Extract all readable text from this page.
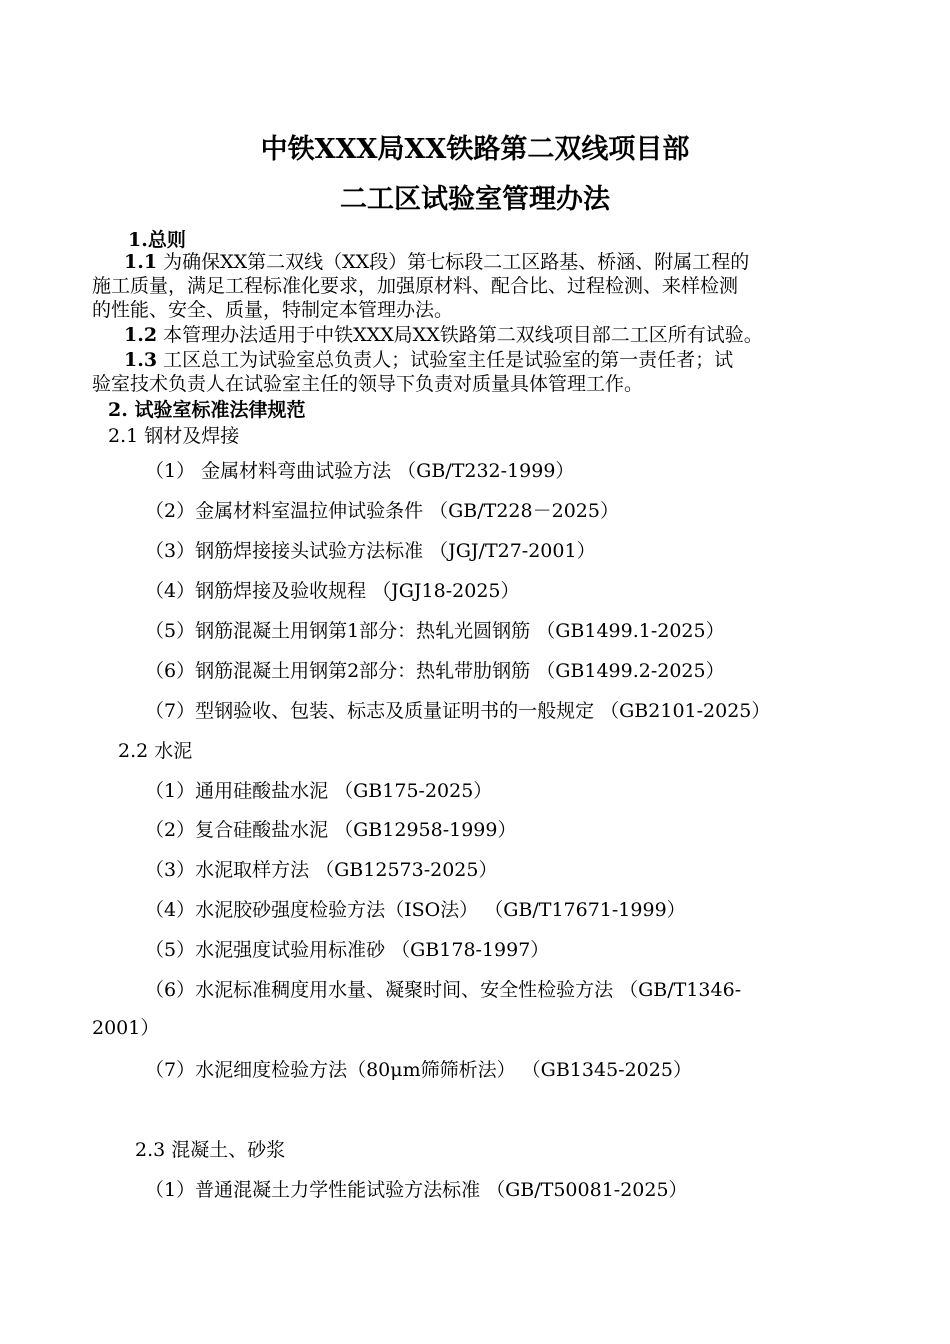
中铁XXX局XX铁路第二双线项目部
二工区试验室管理办法
1.总则
1.1 为确保XX第二双线（XX段）第七标段二工区路基、桥涵、附属工程的
施工质量，满足工程标准化要求，加强原材料、配合比、过程检测、来样检测
的性能、安全、质量，特制定本管理办法。
1.2 本管理办法适用于中铁XXX局XX铁路第二双线项目部二工区所有试验。
1.3 工区总工为试验室总负责人；试验室主任是试验室的第一责任者；试
验室技术负责人在试验室主任的领导下负责对质量具体管理工作。
2. 试验室标准法律规范
2.1 钢材及焊接
（1） 金属材料弯曲试验方法 （GB/T232-1999）
（2）金属材料室温拉伸试验条件 （GB/T228－2025）
（3）钢筋焊接接头试验方法标准 （JGJ/T27-2001）
（4）钢筋焊接及验收规程 （JGJ18-2025）
（5）钢筋混凝土用钢第1部分：热轧光圆钢筋 （GB1499.1-2025）
（6）钢筋混凝土用钢第2部分：热轧带肋钢筋 （GB1499.2-2025）
（7）型钢验收、包装、标志及质量证明书的一般规定 （GB2101-2025）
2.2 水泥
（1）通用硅酸盐水泥 （GB175-2025）
（2）复合硅酸盐水泥 （GB12958-1999）
（3）水泥取样方法 （GB12573-2025）
（4）水泥胶砂强度检验方法（ISO法） （GB/T17671-1999）
（5）水泥强度试验用标准砂 （GB178-1997）
（6）水泥标准稠度用水量、凝聚时间、安全性检验方法 （GB/T1346-
2001）
（7）水泥细度检验方法（80μm筛筛析法） （GB1345-2025）
2.3 混凝土、砂浆
（1）普通混凝土力学性能试验方法标准 （GB/T50081-2025）
